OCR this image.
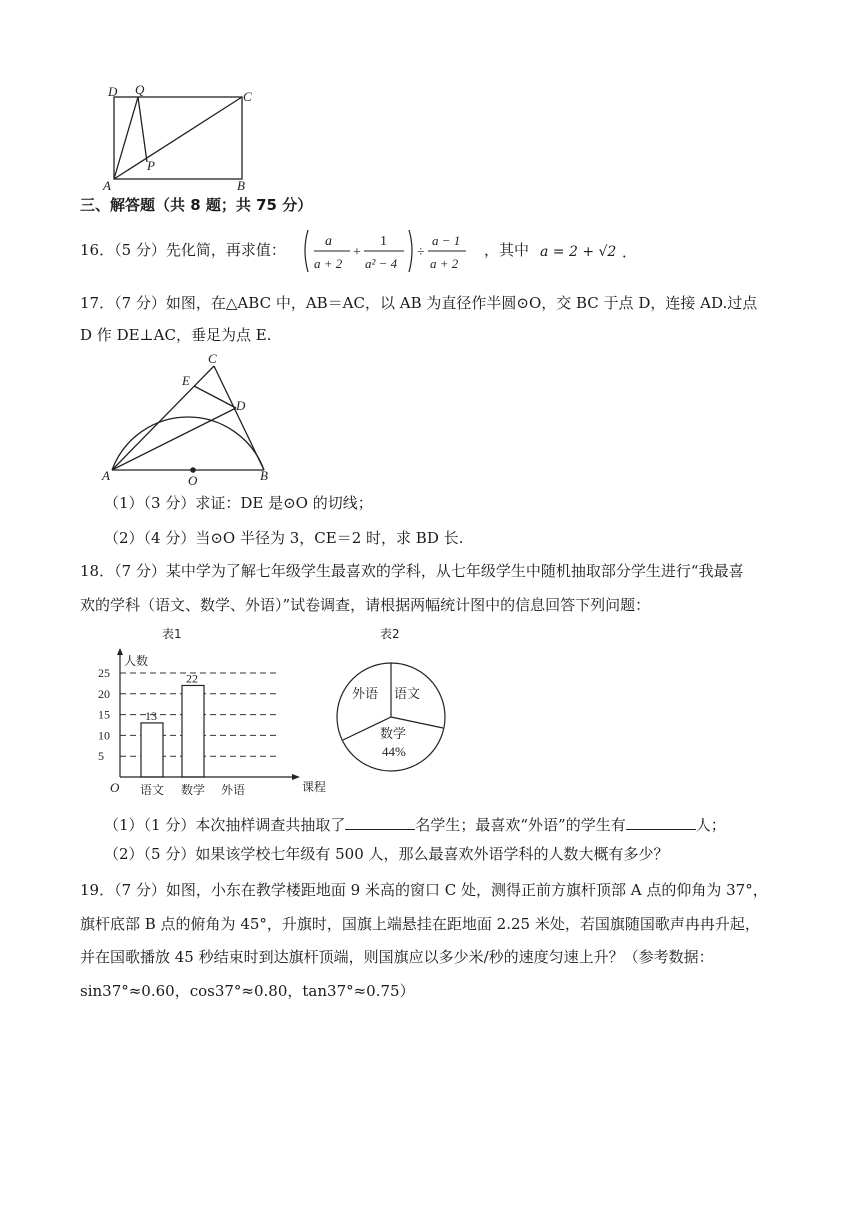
D Q	C
P
A	B
三、解答题（共 8 题；共 75 分）
16．（5 分）先化简，再求值：	a
a + 2
+
1
a² − 4
÷
a − 1
a + 2
，其中 a = 2 + √2 ．
17．（7 分）如图，在△ABC 中，AB＝AC，以 AB 为直径作半圆⊙O，交 BC 于点 D，连接 AD.过点
D 作 DE⊥AC，垂足为点 E.
C
E
D
A	O	B
（1）（3 分）求证：DE 是⊙O 的切线；
（2）（4 分）当⊙O 半径为 3，CE＝2 时，求 BD 长.
18．（7 分）某中学为了解七年级学生最喜欢的学科，从七年级学生中随机抽取部分学生进行“我最喜
欢的学科（语文、数学、外语）”试卷调查，请根据两幅统计图中的信息回答下列问题：
表1
5
10
15
20
25
13
22
语文 数学 外语
人数
课程
O
表2
外语 语文
数学
44%
（1）（1 分）本次抽样调查共抽取了	名学生；最喜欢“外语”的学生有	人；
（2）（5 分）如果该学校七年级有 500 人，那么最喜欢外语学科的人数大概有多少？
19．（7 分）如图，小东在教学楼距地面 9 米高的窗口 C 处，测得正前方旗杆顶部 A 点的仰角为 37°，
旗杆底部 B 点的俯角为 45°，升旗时，国旗上端悬挂在距地面 2.25 米处，若国旗随国歌声冉冉升起，
并在国歌播放 45 秒结束时到达旗杆顶端，则国旗应以多少米/秒的速度匀速上升？（参考数据：
sin37°≈0.60，cos37°≈0.80，tan37°≈0.75）
